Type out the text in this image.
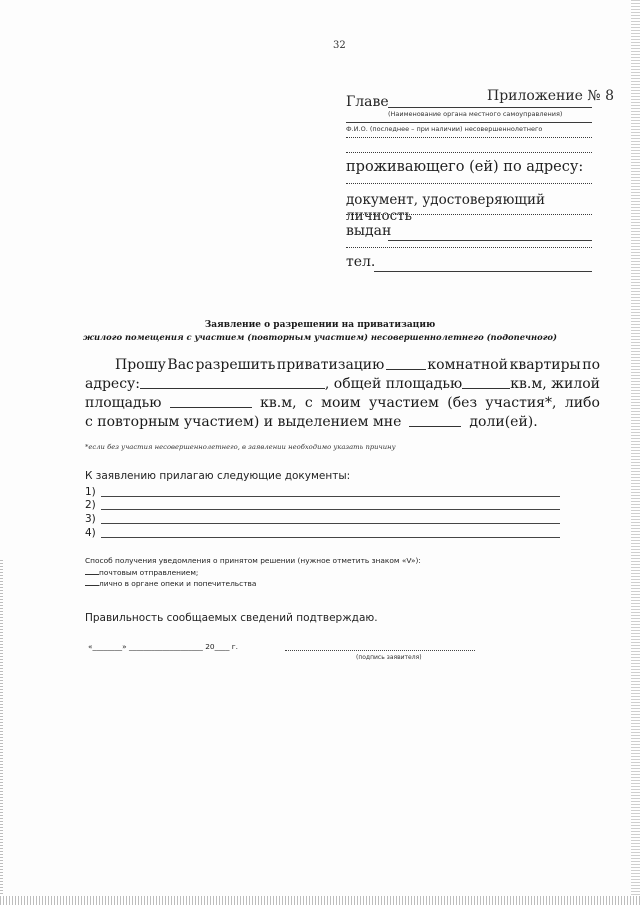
32
Приложение № 8
Главе
(Наименование органа местного самоуправления)
Ф.И.О. (последнее – при наличии) несовершеннолетнего
проживающего (ей) по адресу:
документ, удостоверяющий личность
выдан
тел.
Заявление о разрешении на приватизацию
жилого помещения с участием (повторным участием) несовершеннолетнего (подопечного)
Прошу Вас разрешить приватизацию	комнатной квартиры по
адресу:	, общей площадью	кв.м, жилой
площадью	кв.м, с моим участием (без участия*, либо
с повторным участием) и выделением мне	доли(ей).
*если без участия несовершеннолетнего, в заявлении необходимо указать причину
К заявлению прилагаю следующие документы:
1)
2)
3)
4)
Способ получения уведомления о принятом решении (нужное отметить знаком «V»):
почтовым отправлением;
лично в органе опеки и попечительства
Правильность сообщаемых сведений подтверждаю.
«________» ____________________ 20____ г.
(подпись заявителя)
